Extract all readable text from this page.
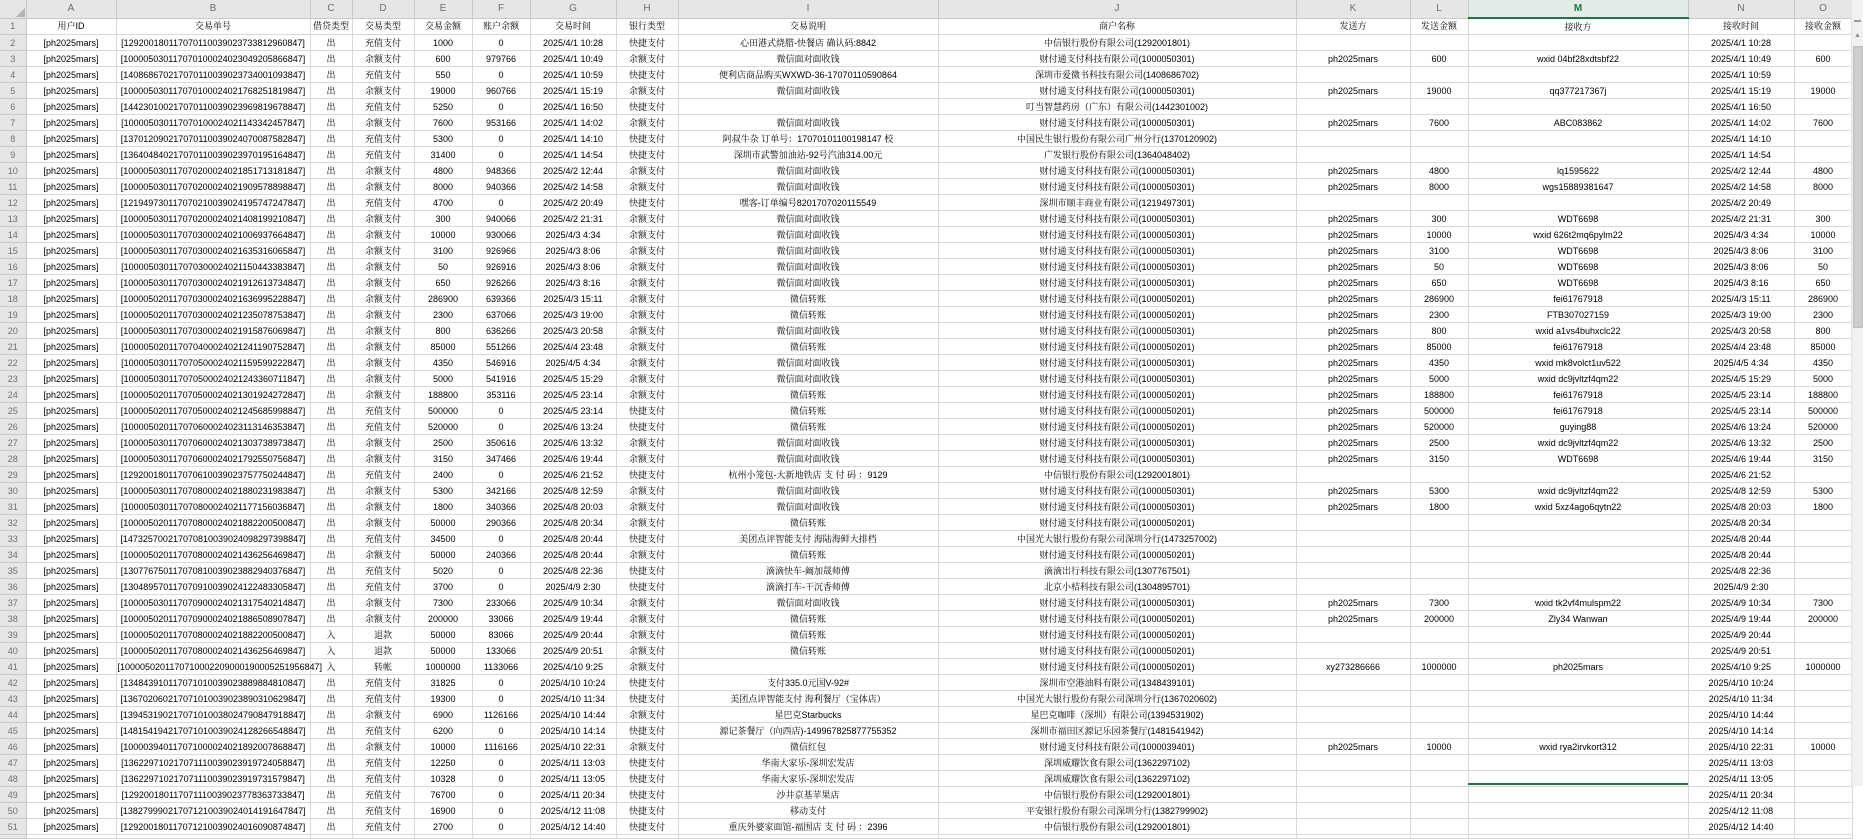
	A	B	C	D	E	F	G	H	I	J	K	L	M	N	O
1	用户ID	交易单号	借贷类型	交易类型	交易金额	账户余额	交易时间	银行类型	交易说明	商户名称	发送方	发送金额	接收方	接收时间	接收金额
2	[ph2025mars]	[129200180117070110039023733812960847]	出	充值支付	1000	0	2025/4/1 10:28	快捷支付	心田港式烧腊-快餐店 确认码:8842	中信银行股份有限公司(1292001801)				2025/4/1 10:28	
3	[ph2025mars]	[100005030117070100024023049205866847]	出	余额支付	600	979766	2025/4/1 10:49	余额支付	微信面对面收钱	财付通支付科技有限公司(1000050301)	ph2025mars	600	wxid 04bf28xdtsbf22	2025/4/1 10:49	600
4	[ph2025mars]	[140868670217070110039023734001093847]	出	充值支付	550	0	2025/4/1 10:59	快捷支付	便利店商品购买WXWD-36-17070110590864	深圳市爱微书科技有限公司(1408686702)				2025/4/1 10:59	
5	[ph2025mars]	[100005030117070100024021768251819847]	出	余额支付	19000	960766	2025/4/1 15:19	余额支付	微信面对面收钱	财付通支付科技有限公司(1000050301)	ph2025mars	19000	qq377217367j	2025/4/1 15:19	19000
6	[ph2025mars]	[144230100217070110039023969819678847]	出	充值支付	5250	0	2025/4/1 16:50	快捷支付		叮当智慧药房（广东）有限公司(1442301002)				2025/4/1 16:50	
7	[ph2025mars]	[100005030117070100024021143342457847]	出	余额支付	7600	953166	2025/4/1 14:02	余额支付	微信面对面收钱	财付通支付科技有限公司(1000050301)	ph2025mars	7600	ABC083862	2025/4/1 14:02	7600
8	[ph2025mars]	[137012090217070110039024070087582847]	出	充值支付	5300	0	2025/4/1 14:10	快捷支付	阿叔牛杂 订单号：17070101100198147 校	中国民生银行股份有限公司广州分行(1370120902)				2025/4/1 14:10	
9	[ph2025mars]	[136404840217070110039023970195164847]	出	充值支付	31400	0	2025/4/1 14:54	快捷支付	深圳市武警加油站-92号汽油314.00元	广发银行股份有限公司(1364048402)				2025/4/1 14:54	
10	[ph2025mars]	[100005030117070200024021851713181847]	出	余额支付	4800	948366	2025/4/2 12:44	余额支付	微信面对面收钱	财付通支付科技有限公司(1000050301)	ph2025mars	4800	lq1595622	2025/4/2 12:44	4800
11	[ph2025mars]	[100005030117070200024021909578898847]	出	余额支付	8000	940366	2025/4/2 14:58	余额支付	微信面对面收钱	财付通支付科技有限公司(1000050301)	ph2025mars	8000	wgs15889381647	2025/4/2 14:58	8000
12	[ph2025mars]	[121949730117070210039024195747247847]	出	充值支付	4700	0	2025/4/2 20:49	快捷支付	嘿客-订单编号8201707020115549	深圳市顺丰商业有限公司(1219497301)				2025/4/2 20:49	
13	[ph2025mars]	[100005030117070200024021408199210847]	出	余额支付	300	940066	2025/4/2 21:31	余额支付	微信面对面收钱	财付通支付科技有限公司(1000050301)	ph2025mars	300	WDT6698	2025/4/2 21:31	300
14	[ph2025mars]	[100005030117070300024021006937664847]	出	余额支付	10000	930066	2025/4/3 4:34	余额支付	微信面对面收钱	财付通支付科技有限公司(1000050301)	ph2025mars	10000	wxid 626t2mq6pylm22	2025/4/3 4:34	10000
15	[ph2025mars]	[100005030117070300024021635316065847]	出	余额支付	3100	926966	2025/4/3 8:06	余额支付	微信面对面收钱	财付通支付科技有限公司(1000050301)	ph2025mars	3100	WDT6698	2025/4/3 8:06	3100
16	[ph2025mars]	[100005030117070300024021150443383847]	出	余额支付	50	926916	2025/4/3 8:06	余额支付	微信面对面收钱	财付通支付科技有限公司(1000050301)	ph2025mars	50	WDT6698	2025/4/3 8:06	50
17	[ph2025mars]	[100005030117070300024021912613734847]	出	余额支付	650	926266	2025/4/3 8:16	余额支付	微信面对面收钱	财付通支付科技有限公司(1000050301)	ph2025mars	650	WDT6698	2025/4/3 8:16	650
18	[ph2025mars]	[100005020117070300024021636995228847]	出	余额支付	286900	639366	2025/4/3 15:11	余额支付	微信转账	财付通支付科技有限公司(1000050201)	ph2025mars	286900	fei61767918	2025/4/3 15:11	286900
19	[ph2025mars]	[100005020117070300024021235078753847]	出	余额支付	2300	637066	2025/4/3 19:00	余额支付	微信转账	财付通支付科技有限公司(1000050201)	ph2025mars	2300	FTB307027159	2025/4/3 19:00	2300
20	[ph2025mars]	[100005030117070300024021915876069847]	出	余额支付	800	636266	2025/4/3 20:58	余额支付	微信面对面收钱	财付通支付科技有限公司(1000050301)	ph2025mars	800	wxid a1vs4buhxclc22	2025/4/3 20:58	800
21	[ph2025mars]	[100005020117070400024021241190752847]	出	余额支付	85000	551266	2025/4/4 23:48	余额支付	微信转账	财付通支付科技有限公司(1000050201)	ph2025mars	85000	fei61767918	2025/4/4 23:48	85000
22	[ph2025mars]	[100005030117070500024021159599222847]	出	余额支付	4350	546916	2025/4/5 4:34	余额支付	微信面对面收钱	财付通支付科技有限公司(1000050301)	ph2025mars	4350	wxid mk8volct1uv522	2025/4/5 4:34	4350
23	[ph2025mars]	[100005030117070500024021243360711847]	出	余额支付	5000	541916	2025/4/5 15:29	余额支付	微信面对面收钱	财付通支付科技有限公司(1000050301)	ph2025mars	5000	wxid dc9jvltzf4qm22	2025/4/5 15:29	5000
24	[ph2025mars]	[100005020117070500024021301924272847]	出	余额支付	188800	353116	2025/4/5 23:14	余额支付	微信转账	财付通支付科技有限公司(1000050201)	ph2025mars	188800	fei61767918	2025/4/5 23:14	188800
25	[ph2025mars]	[100005020117070500024021245685998847]	出	充值支付	500000	0	2025/4/5 23:14	快捷支付	微信转账	财付通支付科技有限公司(1000050201)	ph2025mars	500000	fei61767918	2025/4/5 23:14	500000
26	[ph2025mars]	[100005020117070600024023113146353847]	出	充值支付	520000	0	2025/4/6 13:24	快捷支付	微信转账	财付通支付科技有限公司(1000050201)	ph2025mars	520000	guying88	2025/4/6 13:24	520000
27	[ph2025mars]	[100005030117070600024021303738973847]	出	余额支付	2500	350616	2025/4/6 13:32	余额支付	微信面对面收钱	财付通支付科技有限公司(1000050301)	ph2025mars	2500	wxid dc9jvltzf4qm22	2025/4/6 13:32	2500
28	[ph2025mars]	[100005030117070600024021792550756847]	出	余额支付	3150	347466	2025/4/6 19:44	余额支付	微信面对面收钱	财付通支付科技有限公司(1000050301)	ph2025mars	3150	WDT6698	2025/4/6 19:44	3150
29	[ph2025mars]	[129200180117070610039023757750244847]	出	充值支付	2400	0	2025/4/6 21:52	快捷支付	杭州小笼包-大新地铁店 支 付 码 ：9129	中信银行股份有限公司(1292001801)				2025/4/6 21:52	
30	[ph2025mars]	[100005030117070800024021880231983847]	出	余额支付	5300	342166	2025/4/8 12:59	余额支付	微信面对面收钱	财付通支付科技有限公司(1000050301)	ph2025mars	5300	wxid dc9jvltzf4qm22	2025/4/8 12:59	5300
31	[ph2025mars]	[100005030117070800024021177156036847]	出	余额支付	1800	340366	2025/4/8 20:03	余额支付	微信面对面收钱	财付通支付科技有限公司(1000050301)	ph2025mars	1800	wxid 5xz4ago6qytn22	2025/4/8 20:03	1800
32	[ph2025mars]	[100005020117070800024021882200500847]	出	余额支付	50000	290366	2025/4/8 20:34	余额支付	微信转账	财付通支付科技有限公司(1000050201)				2025/4/8 20:34	
33	[ph2025mars]	[147325700217070810039024098297398847]	出	充值支付	34500	0	2025/4/8 20:44	快捷支付	美团点评智能支付 海陆海鲜大排档	中国光大银行股份有限公司深圳分行(1473257002)				2025/4/8 20:44	
34	[ph2025mars]	[100005020117070800024021436256469847]	出	余额支付	50000	240366	2025/4/8 20:44	余额支付	微信转账	财付通支付科技有限公司(1000050201)				2025/4/8 20:44	
35	[ph2025mars]	[130776750117070810039023882940376847]	出	充值支付	5020	0	2025/4/8 22:36	快捷支付	滴滴快车-阚加晟师傅	滴滴出行科技有限公司(1307767501)				2025/4/8 22:36	
36	[ph2025mars]	[130489570117070910039024122483305847]	出	充值支付	3700	0	2025/4/9 2:30	快捷支付	滴滴打车-干沉香师傅	北京小桔科技有限公司(1304895701)				2025/4/9 2:30	
37	[ph2025mars]	[100005030117070900024021317540214847]	出	余额支付	7300	233066	2025/4/9 10:34	余额支付	微信面对面收钱	财付通支付科技有限公司(1000050301)	ph2025mars	7300	wxid tk2vf4mulspm22	2025/4/9 10:34	7300
38	[ph2025mars]	[100005020117070900024021886508907847]	出	余额支付	200000	33066	2025/4/9 19:44	余额支付	微信转账	财付通支付科技有限公司(1000050201)	ph2025mars	200000	Zly34 Wanwan	2025/4/9 19:44	200000
39	[ph2025mars]	[100005020117070800024021882200500847]	入	退款	50000	83066	2025/4/9 20:44	余额支付	微信转账	财付通支付科技有限公司(1000050201)				2025/4/9 20:44	
40	[ph2025mars]	[100005020117070800024021436256469847]	入	退款	50000	133066	2025/4/9 20:51	余额支付	微信转账	财付通支付科技有限公司(1000050201)				2025/4/9 20:51	
41	[ph2025mars]	[1000050201170710002209000190005251956847]	入	转帐	1000000	1133066	2025/4/10 9:25	余额支付		财付通支付科技有限公司(1000050201)	xy273286666	1000000	ph2025mars	2025/4/10 9:25	1000000
42	[ph2025mars]	[134843910117071010039023889884810847]	出	充值支付	31825	0	2025/4/10 10:24	快捷支付	支付335.0元国V-92#	深圳市空港油料有限公司(1348439101)				2025/4/10 10:24	
43	[ph2025mars]	[136702060217071010039023890310629847]	出	充值支付	19300	0	2025/4/10 11:34	快捷支付	美团点评智能支付 海利餐厅（宝体店）	中国光大银行股份有限公司深圳分行(1367020602)				2025/4/10 11:34	
44	[ph2025mars]	[139453190217071010038024790847918847]	出	余额支付	6900	1126166	2025/4/10 14:44	余额支付	星巴克Starbucks	星巴克咖啡（深圳）有限公司(1394531902)				2025/4/10 14:44	
45	[ph2025mars]	[148154194217071010039024128266548847]	出	充值支付	6200	0	2025/4/10 14:14	快捷支付	源记茶餐厅（向西店)-149967825877755352	深圳市福田区源记乐园茶餐厅(1481541942)				2025/4/10 14:14	
46	[ph2025mars]	[100003940117071000024021892007868847]	出	余额支付	10000	1116166	2025/4/10 22:31	余额支付	微信红包	财付通支付科技有限公司(1000039401)	ph2025mars	10000	wxid rya2irvkort312	2025/4/10 22:31	10000
47	[ph2025mars]	[136229710217071110039023919724058847]	出	充值支付	12250	0	2025/4/11 13:03	快捷支付	华南大家乐-深圳宏发店	深圳威耀饮食有限公司(1362297102)				2025/4/11 13:03	
48	[ph2025mars]	[136229710217071110039023919731579847]	出	充值支付	10328	0	2025/4/11 13:05	快捷支付	华南大家乐-深圳宏发店	深圳威耀饮食有限公司(1362297102)				2025/4/11 13:05	
49	[ph2025mars]	[129200180117071110039023778363733847]	出	充值支付	76700	0	2025/4/11 20:34	快捷支付	沙井京基苹果店	中信银行股份有限公司(1292001801)				2025/4/11 20:34	
50	[ph2025mars]	[138279990217071210039024014191647847]	出	充值支付	16900	0	2025/4/12 11:08	快捷支付	移动支付	平安银行股份有限公司深圳分行(1382799902)				2025/4/12 11:08	
51	[ph2025mars]	[129200180117071210039024016090874847]	出	充值支付	2700	0	2025/4/12 14:40	快捷支付	重庆外婆家面馆-福围店 支 付 码 ：2396	中信银行股份有限公司(1292001801)				2025/4/12 14:40	

▲
